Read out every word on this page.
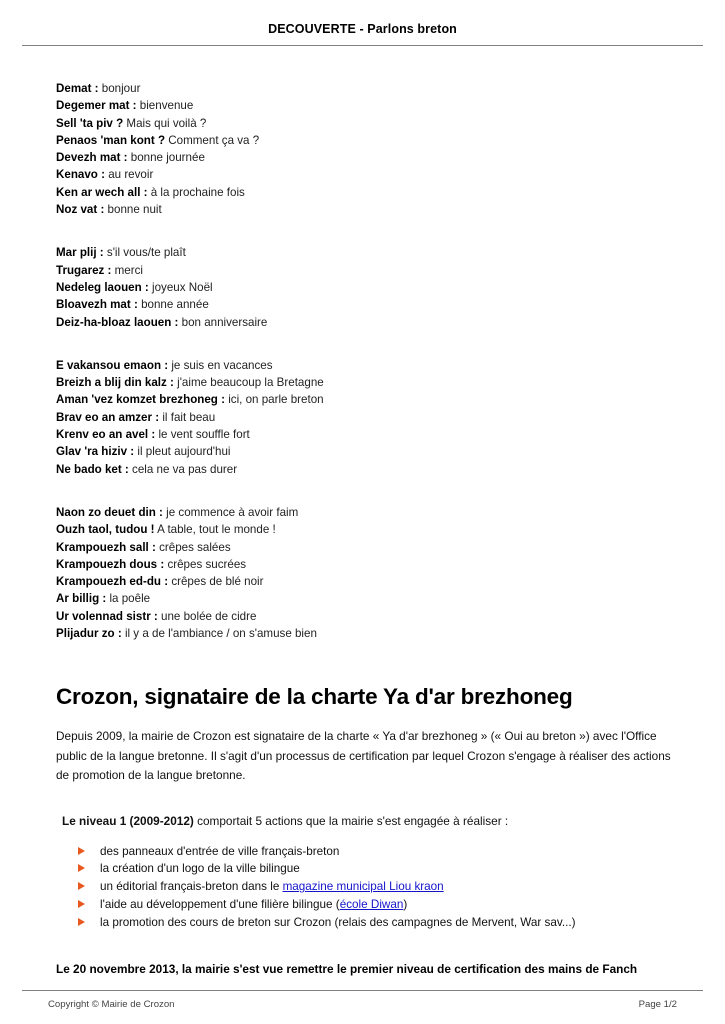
DECOUVERTE - Parlons breton
Demat : bonjour
Degemer mat : bienvenue
Sell 'ta piv ? Mais qui voilà ?
Penaos 'man kont ? Comment ça va ?
Devezh mat : bonne journée
Kenavo : au revoir
Ken ar wech all : à la prochaine fois
Noz vat : bonne nuit
Mar plij : s'il vous/te plaît
Trugarez : merci
Nedeleg laouen : joyeux Noël
Bloavezh mat : bonne année
Deiz-ha-bloaz laouen : bon anniversaire
E vakansou emaon : je suis en vacances
Breizh a blij din kalz : j'aime beaucoup la Bretagne
Aman 'vez komzet brezhoneg : ici, on parle breton
Brav eo an amzer : il fait beau
Krenv eo an avel : le vent souffle fort
Glav 'ra hiziv : il pleut aujourd'hui
Ne bado ket : cela ne va pas durer
Naon zo deuet din : je commence à avoir faim
Ouzh taol, tudou ! A table, tout le monde !
Krampouezh sall : crêpes salées
Krampouezh dous : crêpes sucrées
Krampouezh ed-du : crêpes de blé noir
Ar billig : la poêle
Ur volennad sistr : une bolée de cidre
Plijadur zo : il y a de l'ambiance / on s'amuse bien
Crozon, signataire de la charte Ya d'ar brezhoneg

Depuis 2009, la mairie de Crozon est signataire de la charte « Ya d'ar brezhoneg » (« Oui au breton ») avec l'Office public de la langue bretonne. Il s'agit d'un processus de certification par lequel Crozon s'engage à réaliser des actions de promotion de la langue bretonne.

Le niveau 1 (2009-2012) comportait 5 actions que la mairie s'est engagée à réaliser :

des panneaux d'entrée de ville français-breton
la création d'un logo de la ville bilingue
un éditorial français-breton dans le magazine municipal Liou kraon
l'aide au développement d'une filière bilingue (école Diwan)
la promotion des cours de breton sur Crozon (relais des campagnes de Mervent, War sav...)

Le 20 novembre 2013, la mairie s'est vue remettre le premier niveau de certification des mains de Fanch

Copyright © Mairie de Crozon	Page 1/2
